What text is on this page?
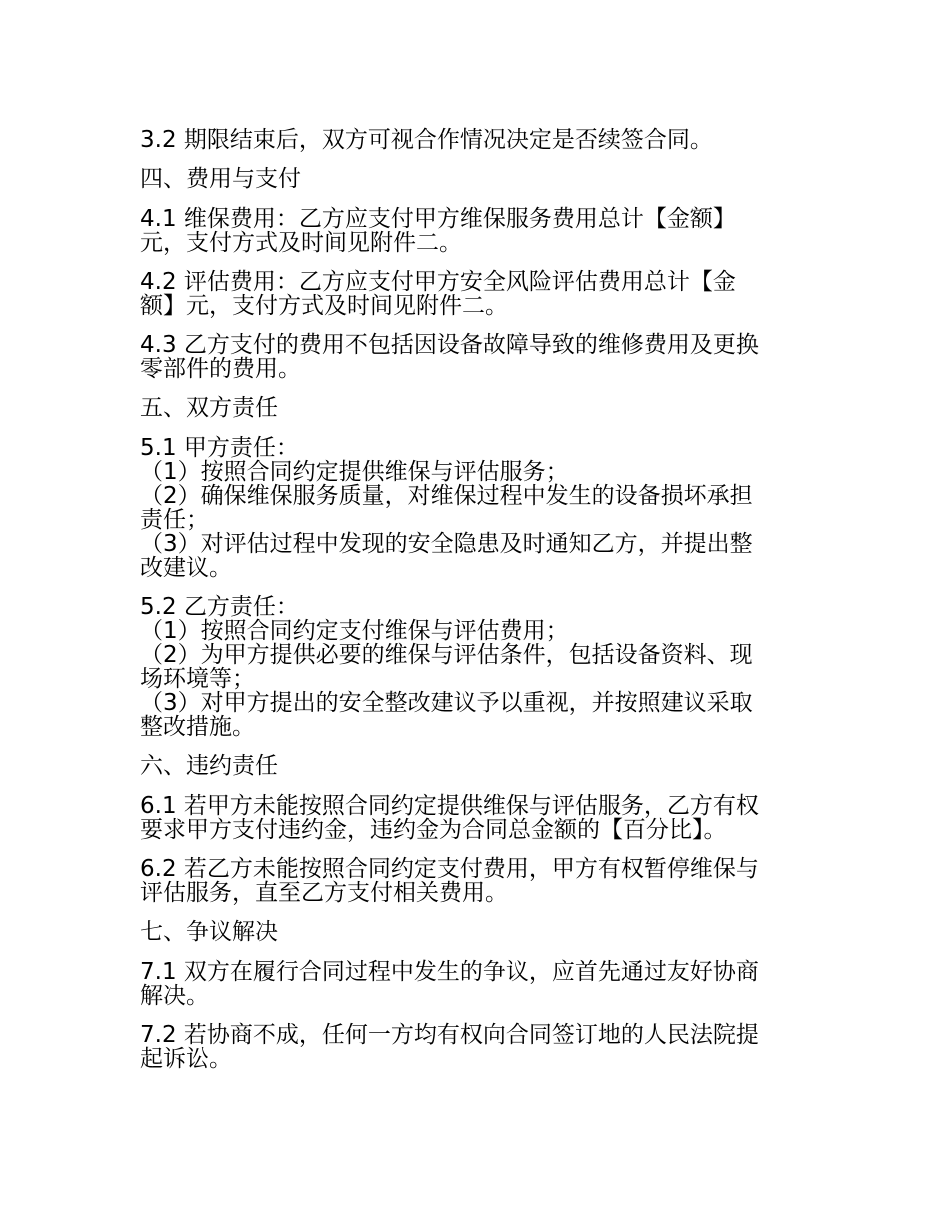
3.2 期限结束后，双方可视合作情况决定是否续签合同。
四、费用与支付
4.1 维保费用：乙方应支付甲方维保服务费用总计【金额】
元，支付方式及时间见附件二。
4.2 评估费用：乙方应支付甲方安全风险评估费用总计【金
额】元，支付方式及时间见附件二。
4.3 乙方支付的费用不包括因设备故障导致的维修费用及更换
零部件的费用。
五、双方责任
5.1 甲方责任：
（1）按照合同约定提供维保与评估服务；
（2）确保维保服务质量，对维保过程中发生的设备损坏承担
责任；
（3）对评估过程中发现的安全隐患及时通知乙方，并提出整
改建议。
5.2 乙方责任：
（1）按照合同约定支付维保与评估费用；
（2）为甲方提供必要的维保与评估条件，包括设备资料、现
场环境等；
（3）对甲方提出的安全整改建议予以重视，并按照建议采取
整改措施。
六、违约责任
6.1 若甲方未能按照合同约定提供维保与评估服务，乙方有权
要求甲方支付违约金，违约金为合同总金额的【百分比】。
6.2 若乙方未能按照合同约定支付费用，甲方有权暂停维保与
评估服务，直至乙方支付相关费用。
七、争议解决
7.1 双方在履行合同过程中发生的争议，应首先通过友好协商
解决。
7.2 若协商不成，任何一方均有权向合同签订地的人民法院提
起诉讼。
